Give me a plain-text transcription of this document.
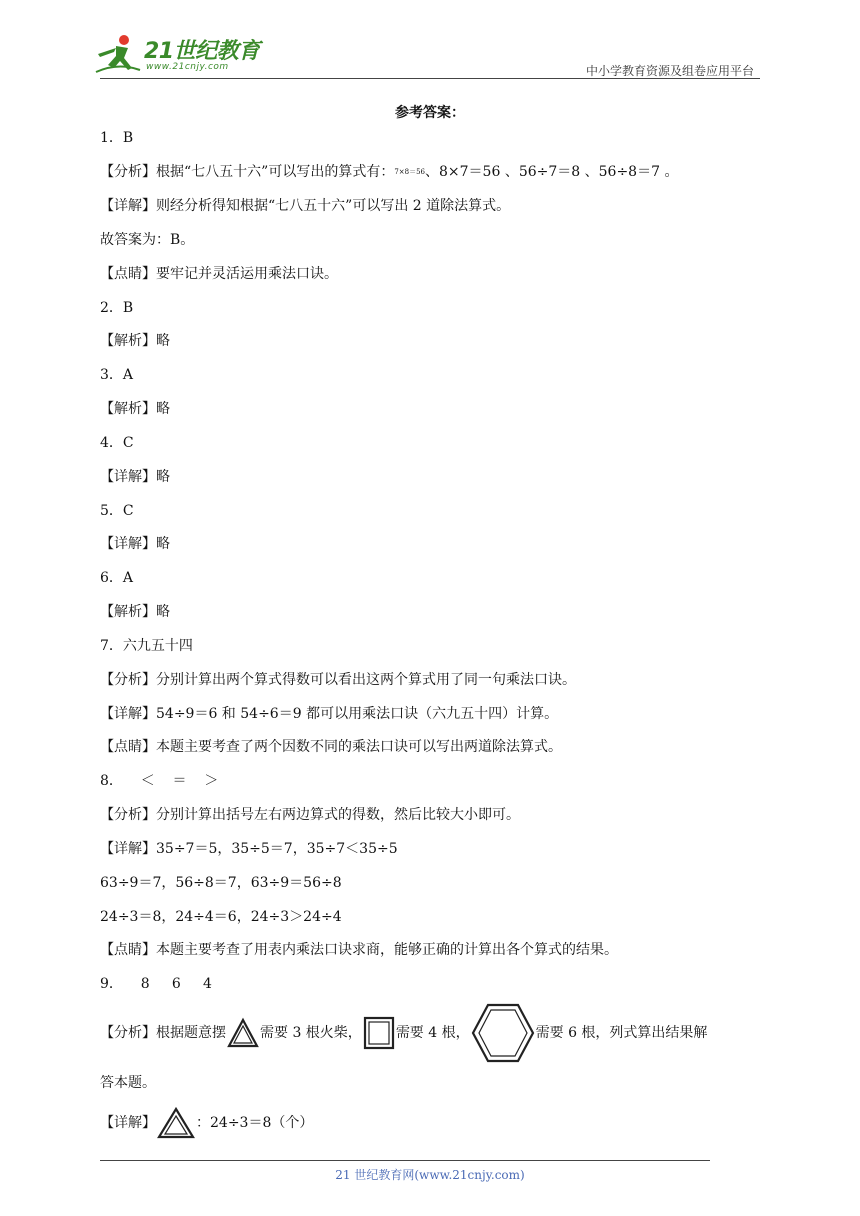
21世纪教育
www.21cnjy.com	中小学教育资源及组卷应用平台
参考答案：
1．B
【分析】根据“七八五十六”可以写出的算式有：7×8＝56、8×7＝56 、56÷7＝8 、56÷8＝7 。
【详解】则经分析得知根据“七八五十六”可以写出 2 道除法算式。
故答案为：B。
【点睛】要牢记并灵活运用乘法口诀。
2．B
【解析】略
3．A
【解析】略
4．C
【详解】略
5．C
【详解】略
6．A
【解析】略
7．六九五十四
【分析】分别计算出两个算式得数可以看出这两个算式用了同一句乘法口诀。
【详解】54÷9＝6 和 54÷6＝9 都可以用乘法口诀（六九五十四）计算。
【点睛】本题主要考查了两个因数不同的乘法口诀可以写出两道除法算式。
8．    ＜    ＝    ＞
【分析】分别计算出括号左右两边算式的得数，然后比较大小即可。
【详解】35÷7＝5，35÷5＝7，35÷7＜35÷5
63÷9＝7，56÷8＝7，63÷9＝56÷8
24÷3＝8，24÷4＝6，24÷3＞24÷4
【点睛】本题主要考查了用表内乘法口诀求商，能够正确的计算出各个算式的结果。
9．    8     6     4
【分析】根据题意摆 需要 3 根火柴， 需要 4 根，	需要 6 根，列式算出结果解
答本题。
【详解】	：24÷3＝8（个）
21 世纪教育网(www.21cnjy.com)
